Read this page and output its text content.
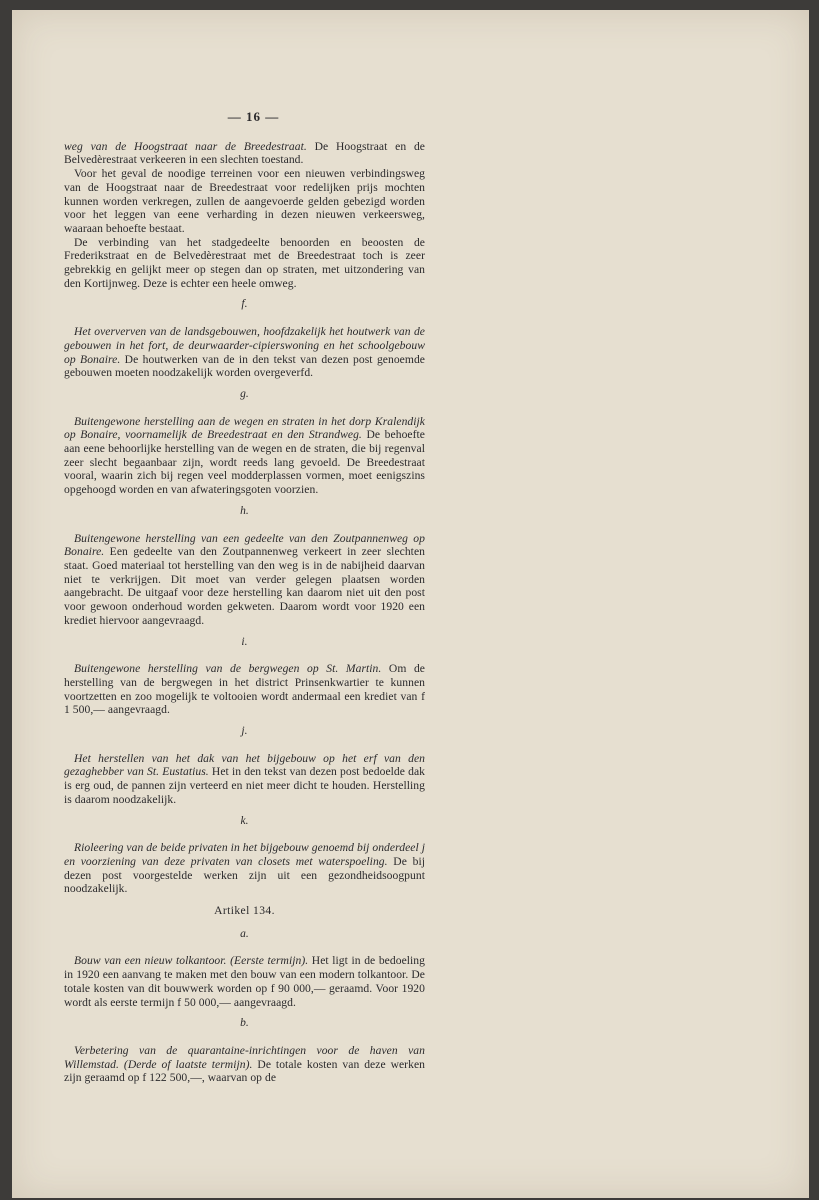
— 16 —

weg van de Hoogstraat naar de Breedestraat. De Hoogstraat en de Belvedèrestraat verkeeren in een slechten toestand.

Voor het geval de noodige terreinen voor een nieuwen verbindingsweg van de Hoogstraat naar de Breedestraat voor redelijken prijs mochten kunnen worden verkregen, zullen de aangevoerde gelden gebezigd worden voor het leggen van eene verharding in dezen nieuwen verkeersweg, waaraan behoefte bestaat.

De verbinding van het stadgedeelte benoorden en beoosten de Frederikstraat en de Belvedèrestraat met de Breedestraat toch is zeer gebrekkig en gelijkt meer op stegen dan op straten, met uitzondering van den Kortijnweg. Deze is echter een heele omweg.

f.

Het oververven van de landsgebouwen, hoofdzakelijk het houtwerk van de gebouwen in het fort, de deurwaarder-cipierswoning en het schoolgebouw op Bonaire. De houtwerken van de in den tekst van dezen post genoemde gebouwen moeten noodzakelijk worden overgeverfd.

g.

Buitengewone herstelling aan de wegen en straten in het dorp Kralendijk op Bonaire, voornamelijk de Breedestraat en den Strandweg. De behoefte aan eene behoorlijke herstelling van de wegen en de straten, die bij regenval zeer slecht begaanbaar zijn, wordt reeds lang gevoeld. De Breedestraat vooral, waarin zich bij regen veel modderplassen vormen, moet eenigszins opgehoogd worden en van afwateringsgoten voorzien.

h.

Buitengewone herstelling van een gedeelte van den Zoutpannenweg op Bonaire. Een gedeelte van den Zoutpannenweg verkeert in zeer slechten staat. Goed materiaal tot herstelling van den weg is in de nabijheid daarvan niet te verkrijgen. Dit moet van verder gelegen plaatsen worden aangebracht. De uitgaaf voor deze herstelling kan daarom niet uit den post voor gewoon onderhoud worden gekweten. Daarom wordt voor 1920 een krediet hiervoor aangevraagd.

i.

Buitengewone herstelling van de bergwegen op St. Martin. Om de herstelling van de bergwegen in het district Prinsenkwartier te kunnen voortzetten en zoo mogelijk te voltooien wordt andermaal een krediet van f 1 500,— aangevraagd.

j.

Het herstellen van het dak van het bijgebouw op het erf van den gezaghebber van St. Eustatius. Het in den tekst van dezen post bedoelde dak is erg oud, de pannen zijn verteerd en niet meer dicht te houden. Herstelling is daarom noodzakelijk.

k.

Rioleering van de beide privaten in het bijgebouw genoemd bij onderdeel j en voorziening van deze privaten van closets met waterspoeling. De bij dezen post voorgestelde werken zijn uit een gezondheidsoogpunt noodzakelijk.

Artikel 134.
a.

Bouw van een nieuw tolkantoor. (Eerste termijn). Het ligt in de bedoeling in 1920 een aanvang te maken met den bouw van een modern tolkantoor. De totale kosten van dit bouwwerk worden op f 90 000,— geraamd. Voor 1920 wordt als eerste termijn f 50 000,— aangevraagd.

b.

Verbetering van de quarantaine-inrichtingen voor de haven van Willemstad. (Derde of laatste termijn). De totale kosten van deze werken zijn geraamd op f 122 500,—, waarvan op de
